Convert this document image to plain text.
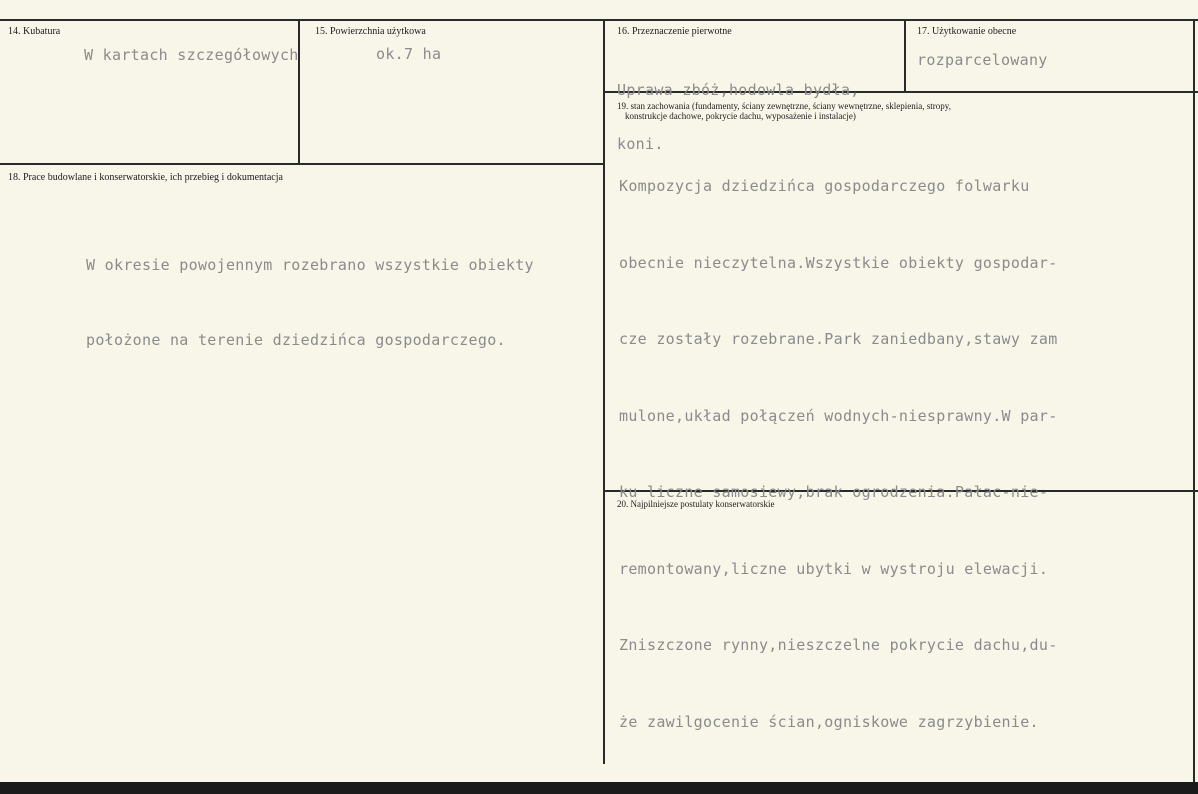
14. Kubatura
W kartach szczegółowych
15. Powierzchnia użytkowa
ok.7 ha
16. Przeznaczenie pierwotne

Uprawa zbóż,hodowla bydła,

koni.

17. Użytkowanie obecne
rozparcelowany
18. Prace budowlane i konserwatorskie, ich przebieg i dokumentacja

W okresie powojennym rozebrano wszystkie obiekty

położone na terenie dziedzińca gospodarczego.

19. stan zachowania (fundamenty, ściany zewnętrzne, ściany wewnętrzne, sklepienia, stropy,
konstrukcje dachowe, pokrycie dachu, wyposażenie i instalacje)

Kompozycja dziedzińca gospodarczego folwarku

obecnie nieczytelna.Wszystkie obiekty gospodar-

cze zostały rozebrane.Park zaniedbany,stawy zam

mulone,układ połączeń wodnych-niesprawny.W par-

ku liczne samosiewy,brak ogrodzenia.Pałac-nie-

remontowany,liczne ubytki w wystroju elewacji.

Zniszczone rynny,nieszczelne pokrycie dachu,du-

że zawilgocenie ścian,ogniskowe zagrzybienie.

20. Najpilniejsze postulaty konserwatorskie
